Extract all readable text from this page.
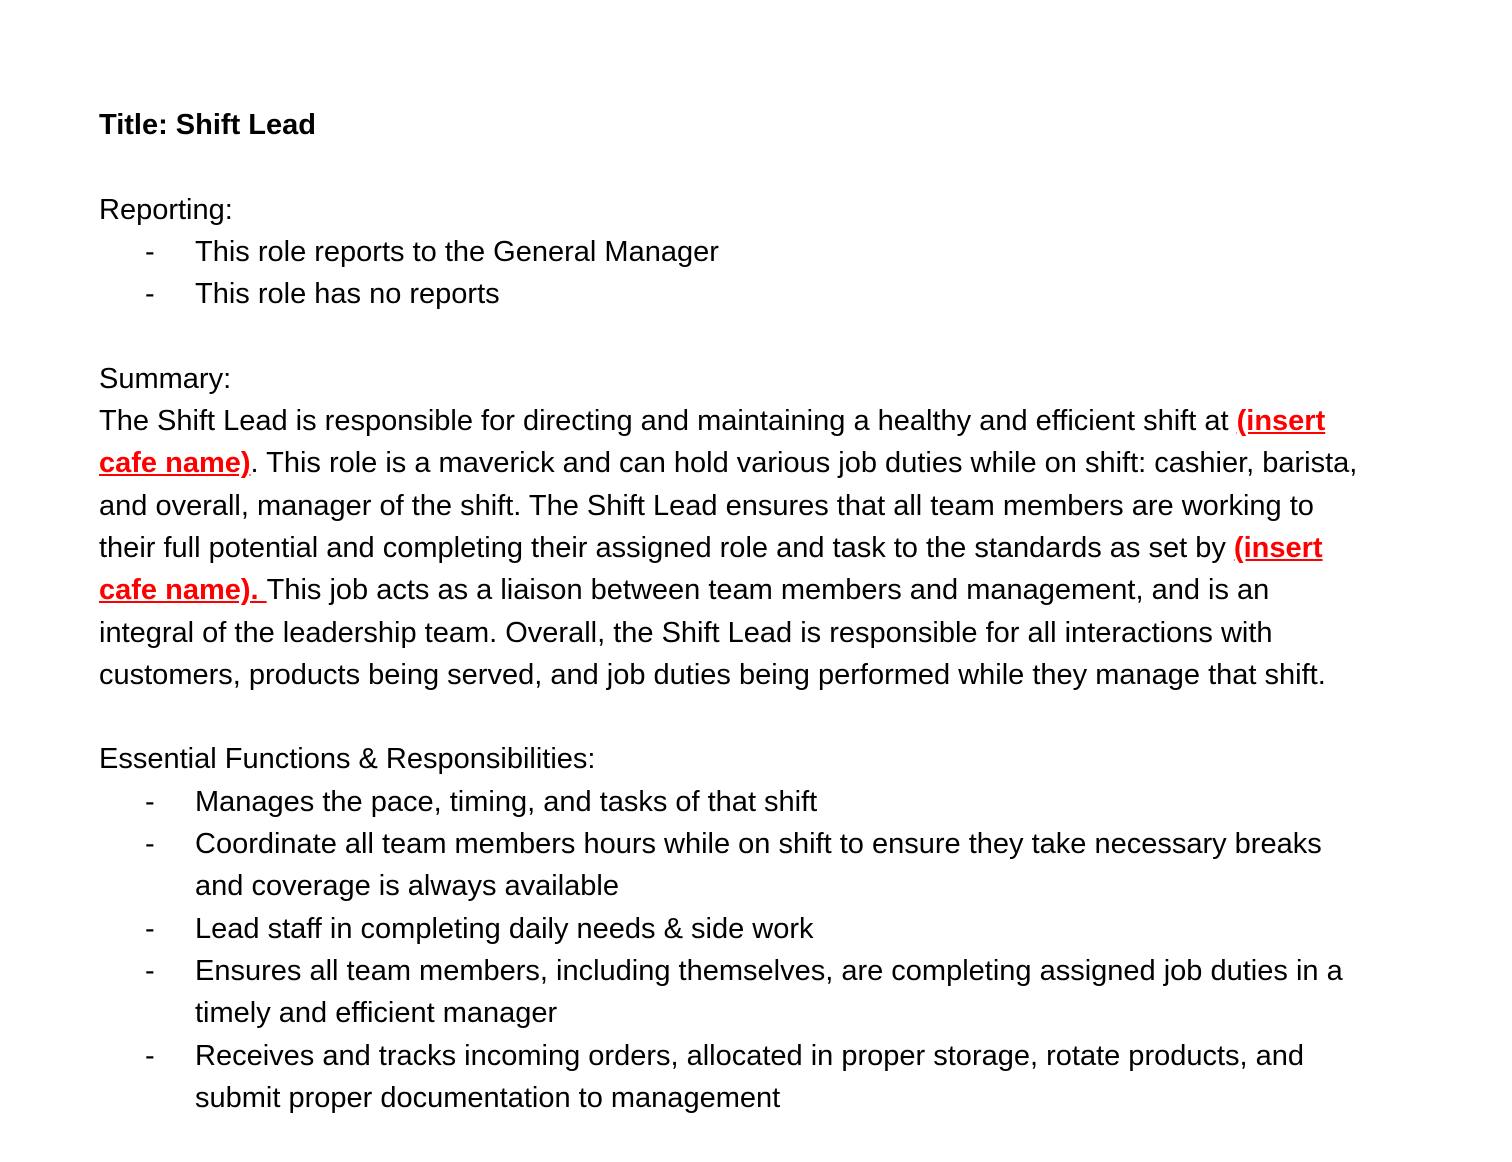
Title: Shift Lead
Reporting:
- This role reports to the General Manager
- This role has no reports
Summary:
The Shift Lead is responsible for directing and maintaining a healthy and efficient shift at (insert cafe name). This role is a maverick and can hold various job duties while on shift: cashier, barista, and overall, manager of the shift. The Shift Lead ensures that all team members are working to their full potential and completing their assigned role and task to the standards as set by (insert cafe name). This job acts as a liaison between team members and management, and is an integral of the leadership team. Overall, the Shift Lead is responsible for all interactions with customers, products being served, and job duties being performed while they manage that shift.
Essential Functions & Responsibilities:
- Manages the pace, timing, and tasks of that shift
- Coordinate all team members hours while on shift to ensure they take necessary breaks and coverage is always available
- Lead staff in completing daily needs & side work
- Ensures all team members, including themselves, are completing assigned job duties in a timely and efficient manager
- Receives and tracks incoming orders, allocated in proper storage, rotate products, and submit proper documentation to management
